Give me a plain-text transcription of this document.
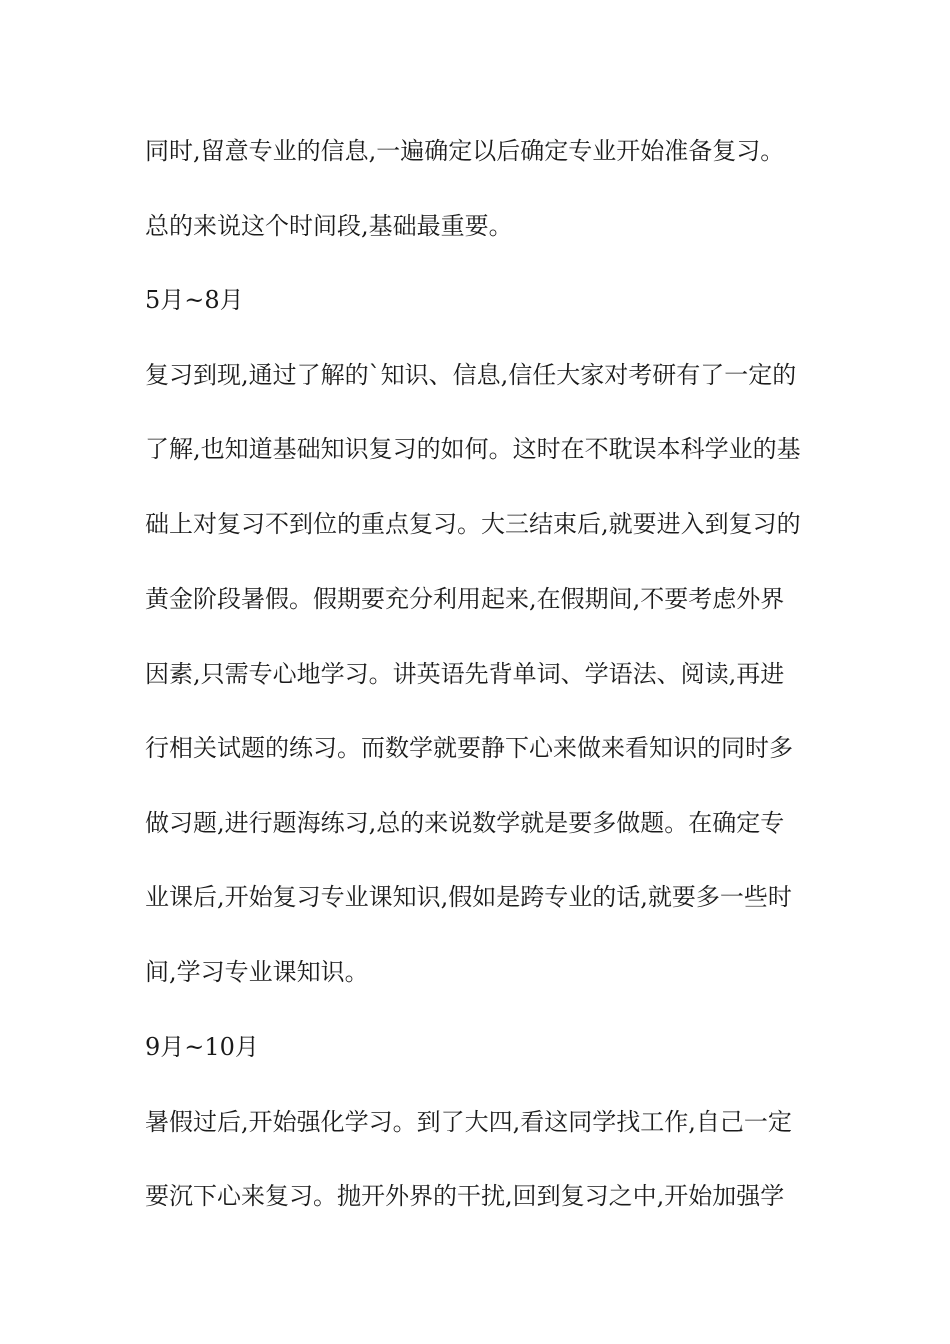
同时,留意专业的信息,一遍确定以后确定专业开始准备复习。

总的来说这个时间段,基础最重要。

5月~8月

复习到现,通过了解的`知识、信息,信任大家对考研有了一定的

了解,也知道基础知识复习的如何。这时在不耽误本科学业的基

础上对复习不到位的重点复习。大三结束后,就要进入到复习的

黄金阶段暑假。假期要充分利用起来,在假期间,不要考虑外界

因素,只需专心地学习。讲英语先背单词、学语法、阅读,再进

行相关试题的练习。而数学就要静下心来做来看知识的同时多

做习题,进行题海练习,总的来说数学就是要多做题。在确定专

业课后,开始复习专业课知识,假如是跨专业的话,就要多一些时

间,学习专业课知识。

9月~10月

暑假过后,开始强化学习。到了大四,看这同学找工作,自己一定

要沉下心来复习。抛开外界的干扰,回到复习之中,开始加强学
